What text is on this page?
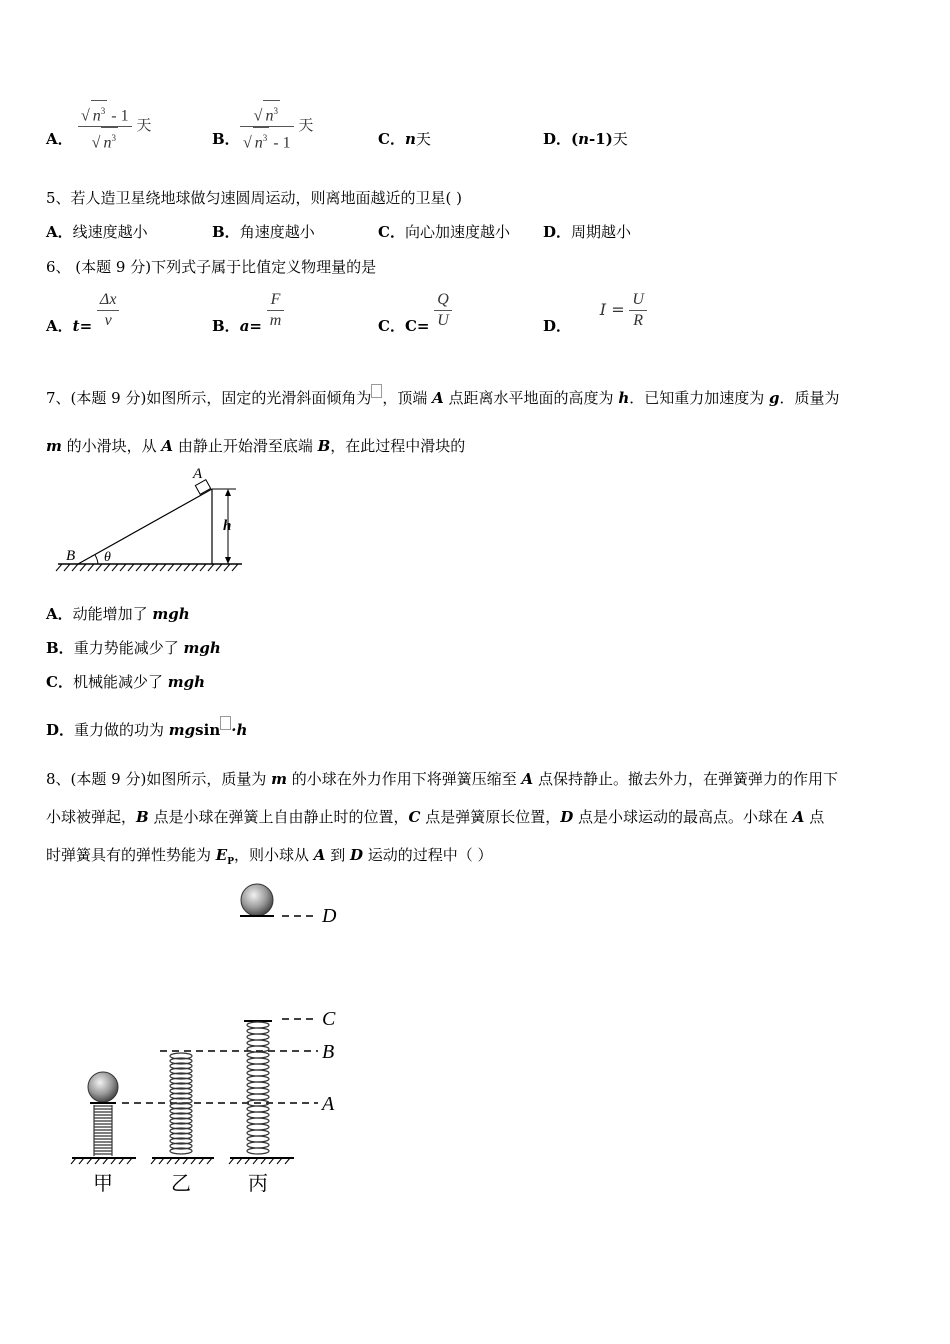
A． $\frac{√ n^3 - 1}{√ n^3}$ 天
B． $\frac{√ n^3}{√ n^3 - 1}$ 天
C．n天	D．(n-1)天
5、若人造卫星绕地球做匀速圆周运动，则离地面越近的卫星( )
A．线速度越小	B．角速度越小	C．向心加速度越小 D．周期越小
6、 (本题 9 分)下列式子属于比值定义物理量的是
A．$t= \frac{\Delta x}{v}$	B．$a= \frac{F}{m}$	C．$C= \frac{Q}{U}$	D． $I = \frac{U}{R}$
7、(本题 9 分)如图所示，固定的光滑斜面倾角为 ，顶端 A 点距离水平地面的高度为 h．已知重力加速度为 g．质量为
m 的小滑块，从 A 由静止开始滑至底端 B，在此过程中滑块的
A
B θ
h
A．动能增加了 mgh
B．重力势能减少了 mgh
C．机械能减少了 mgh
D．重力做的功为 mgsin ·h
8、(本题 9 分)如图所示，质量为 m 的小球在外力作用下将弹簧压缩至 A 点保持静止。撤去外力，在弹簧弹力的作用下
小球被弹起，B 点是小球在弹簧上自由静止时的位置，C 点是弹簧原长位置，D 点是小球运动的最高点。小球在 A 点
时弹簧具有的弹性势能为 $E_P$，则小球从 A 到 D 运动的过程中（ ）
D
C
B
A
甲	乙	丙
